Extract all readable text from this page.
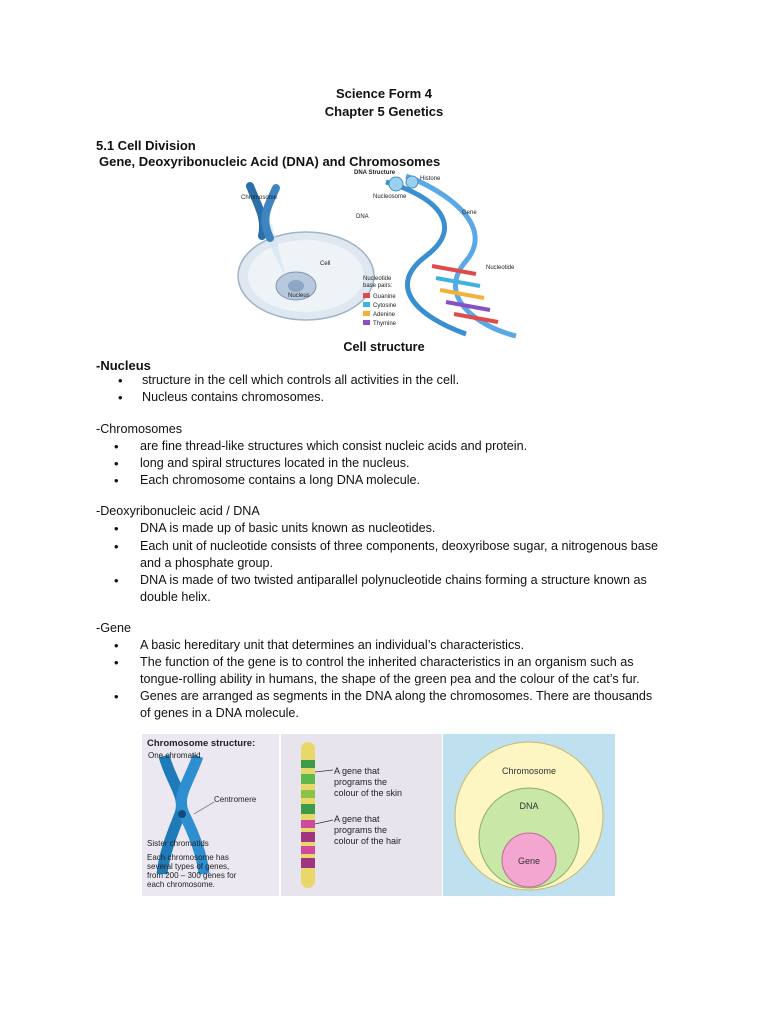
Science Form 4
Chapter 5 Genetics
5.1 Cell Division
Gene, Deoxyribonucleic Acid (DNA) and Chromosomes
DNA Structure
Histone
Nucleosome
Chromosome
DNA
Gene
Cell
Nucleus
Nucleotide
Nucleotide
base pairs:
Guanine
Cytosine
Adenine
Thymine
Cell structure
-Nucleus
• structure in the cell which controls all activities in the cell.
• Nucleus contains chromosomes.
-Chromosomes
• are fine thread-like structures which consist nucleic acids and protein.
• long and spiral structures located in the nucleus.
• Each chromosome contains a long DNA molecule.
-Deoxyribonucleic acid / DNA
• DNA is made up of basic units known as nucleotides.
• Each unit of nucleotide consists of three components, deoxyribose sugar, a nitrogenous base
and a phosphate group.
• DNA is made of two twisted antiparallel polynucleotide chains forming a structure known as
double helix.
-Gene
• A basic hereditary unit that determines an individual’s characteristics.
• The function of the gene is to control the inherited characteristics in an organism such as
tongue-rolling ability in humans, the shape of the green pea and the colour of the cat’s fur.
• Genes are arranged as segments in the DNA along the chromosomes. There are thousands
of genes in a DNA molecule.
Chromosome structure:
One chromatid
Centromere
Sister chromatids
Each chromosome has
several types of genes,
from 200 – 300 genes for
each chromosome.
A gene that
programs the
colour of the skin
A gene that
programs the
colour of the hair
Chromosome
DNA
Gene
